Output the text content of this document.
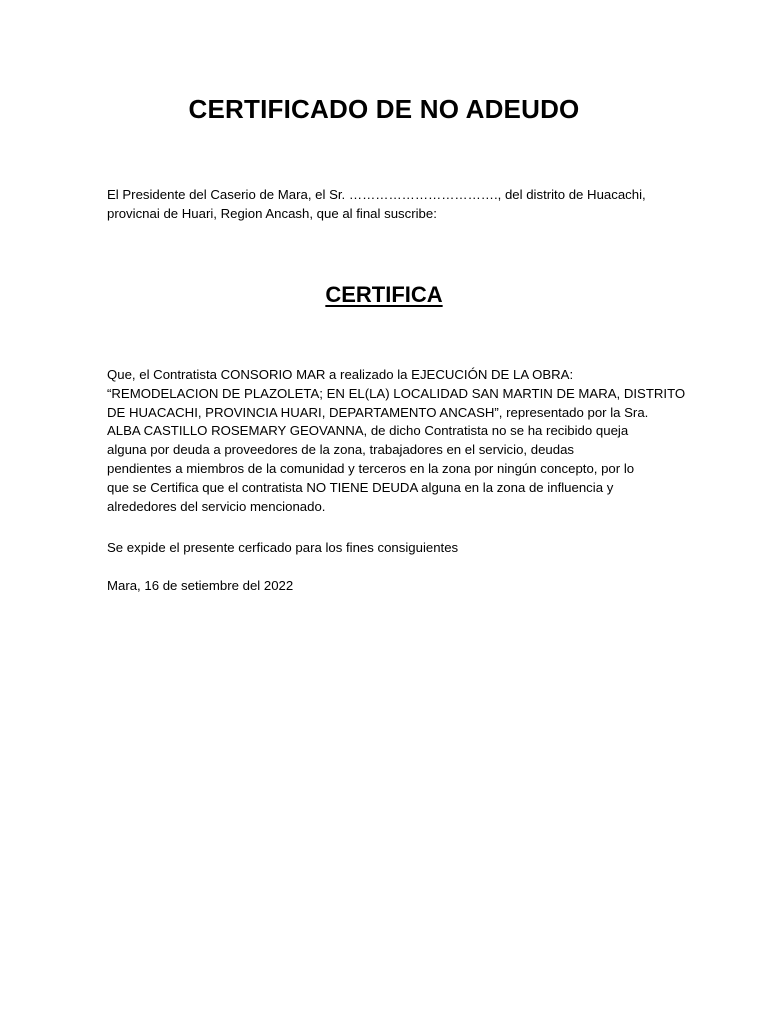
CERTIFICADO DE NO ADEUDO

El Presidente del Caserio de Mara, el Sr. ……………………………., del distrito de Huacachi,
provicnai de Huari, Region Ancash, que al final suscribe:

CERTIFICA

Que, el Contratista CONSORIO MAR a realizado la EJECUCIÓN DE LA OBRA:
“REMODELACION DE PLAZOLETA; EN EL(LA) LOCALIDAD SAN MARTIN DE MARA, DISTRITO
DE HUACACHI, PROVINCIA HUARI, DEPARTAMENTO ANCASH”, representado por la Sra.
ALBA CASTILLO ROSEMARY GEOVANNA, de dicho Contratista no se ha recibido queja
alguna por deuda a proveedores de la zona, trabajadores en el servicio, deudas
pendientes a miembros de la comunidad y terceros en la zona por ningún concepto, por lo
que se Certifica que el contratista NO TIENE DEUDA alguna en la zona de influencia y
alrededores del servicio mencionado.

Se expide el presente cerficado para los fines consiguientes

Mara, 16 de setiembre del 2022
